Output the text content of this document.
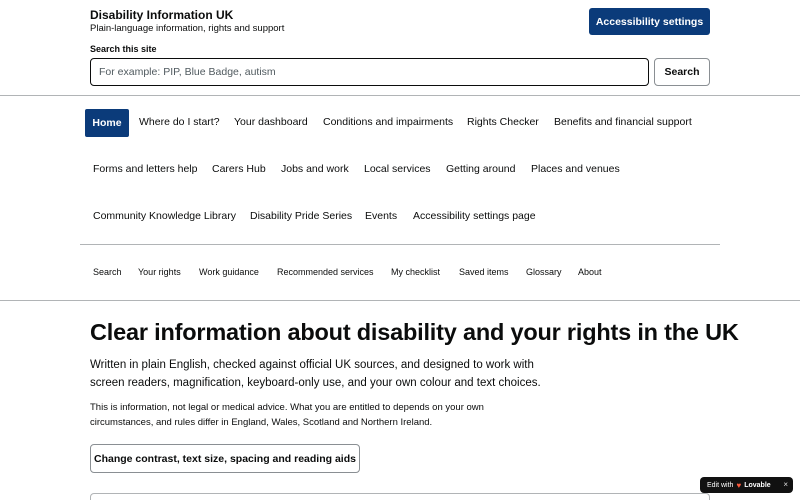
Disability Information UK
Plain-language information, rights and support
Accessibility settings
Search this site
For example: PIP, Blue Badge, autism	Search
Home	Where do I start? Your dashboard Conditions and impairments Rights Checker Benefits and financial support
Forms and letters help Carers Hub Jobs and work Local services Getting around Places and venues
Community Knowledge Library Disability Pride Series Events Accessibility settings page
Search Your rights Work guidance Recommended services My checklist Saved items Glossary About
Clear information about disability and your rights in the UK

Written in plain English, checked against official UK sources, and designed to work with screen readers, magnification, keyboard-only use, and your own colour and text choices.

This is information, not legal or medical advice. What you are entitled to depends on your own circumstances, and rules differ in England, Wales, Scotland and Northern Ireland.

Change contrast, text size, spacing and reading aids
Edit with ♥ Lovable ×
